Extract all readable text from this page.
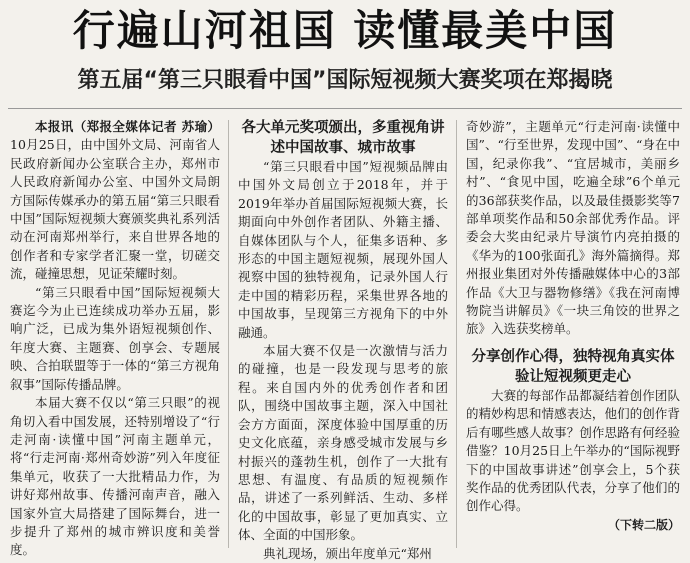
行遍山河祖国 读懂最美中国
第五届“第三只眼看中国”国际短视频大赛奖项在郑揭晓

本报讯（郑报全媒体记者 苏瑜）10月25日，由中国外文局、河南省人民政府新闻办公室联合主办，郑州市人民政府新闻办公室、中国外文局朗方国际传媒承办的第五届“第三只眼看中国”国际短视频大赛颁奖典礼系列活动在河南郑州举行，来自世界各地的创作者和专家学者汇聚一堂，切磋交流，碰撞思想，见证荣耀时刻。

“第三只眼看中国”国际短视频大赛迄今为止已连续成功举办五届，影响广泛，已成为集外语短视频创作、年度大赛、主题赛、创享会、专题展映、合拍联盟等于一体的“第三方视角叙事”国际传播品牌。

本届大赛不仅以“第三只眼”的视角切入看中国发展，还特别增设了“行走河南·读懂中国”河南主题单元，将“行走河南·郑州奇妙游”列入年度征集单元，收获了一大批精品力作，为讲好郑州故事、传播河南声音，融入国家外宣大局搭建了国际舞台，进一步提升了郑州的城市辨识度和美誉度。

各大单元奖项颁出，多重视角讲述中国故事、城市故事

“第三只眼看中国”短视频品牌由中国外文局创立于2018年，并于2019年举办首届国际短视频大赛，长期面向中外创作者团队、外籍主播、自媒体团队与个人，征集多语种、多形态的中国主题短视频，展现外国人视察中国的独特视角，记录外国人行走中国的精彩历程，采集世界各地的中国故事，呈现第三方视角下的中外融通。

本届大赛不仅是一次激情与活力的碰撞，也是一段发现与思考的旅程。来自国内外的优秀创作者和团队，围绕中国故事主题，深入中国社会方方面面，深度体验中国厚重的历史文化底蕴，亲身感受城市发展与乡村振兴的蓬勃生机，创作了一大批有思想、有温度、有品质的短视频作品，讲述了一系列鲜活、生动、多样化的中国故事，彰显了更加真实、立体、全面的中国形象。

典礼现场，颁出年度单元“郑州

奇妙游”，主题单元“行走河南·读懂中国”、“行至世界，发现中国”、“身在中国，纪录你我”、“宜居城市，美丽乡村”、“食见中国，吃遍全球”6个单元的36部获奖作品，以及最佳摄影奖等7部单项奖作品和50余部优秀作品。评委会大奖由纪录片导演竹内亮拍摄的《华为的100张面孔》海外篇摘得。郑州报业集团对外传播融媒体中心的3部作品《大卫与器物修缮》《我在河南博物院当讲解员》《一块三角饺的世界之旅》入选获奖榜单。

分享创作心得，独特视角真实体验让短视频更走心

大赛的每部作品都凝结着创作团队的精妙构思和情感表达，他们的创作背后有哪些感人故事？创作思路有何经验借鉴？10月25日上午举办的“国际视野下的中国故事讲述”创享会上，5个获奖作品的优秀团队代表，分享了他们的创作心得。

（下转二版）
